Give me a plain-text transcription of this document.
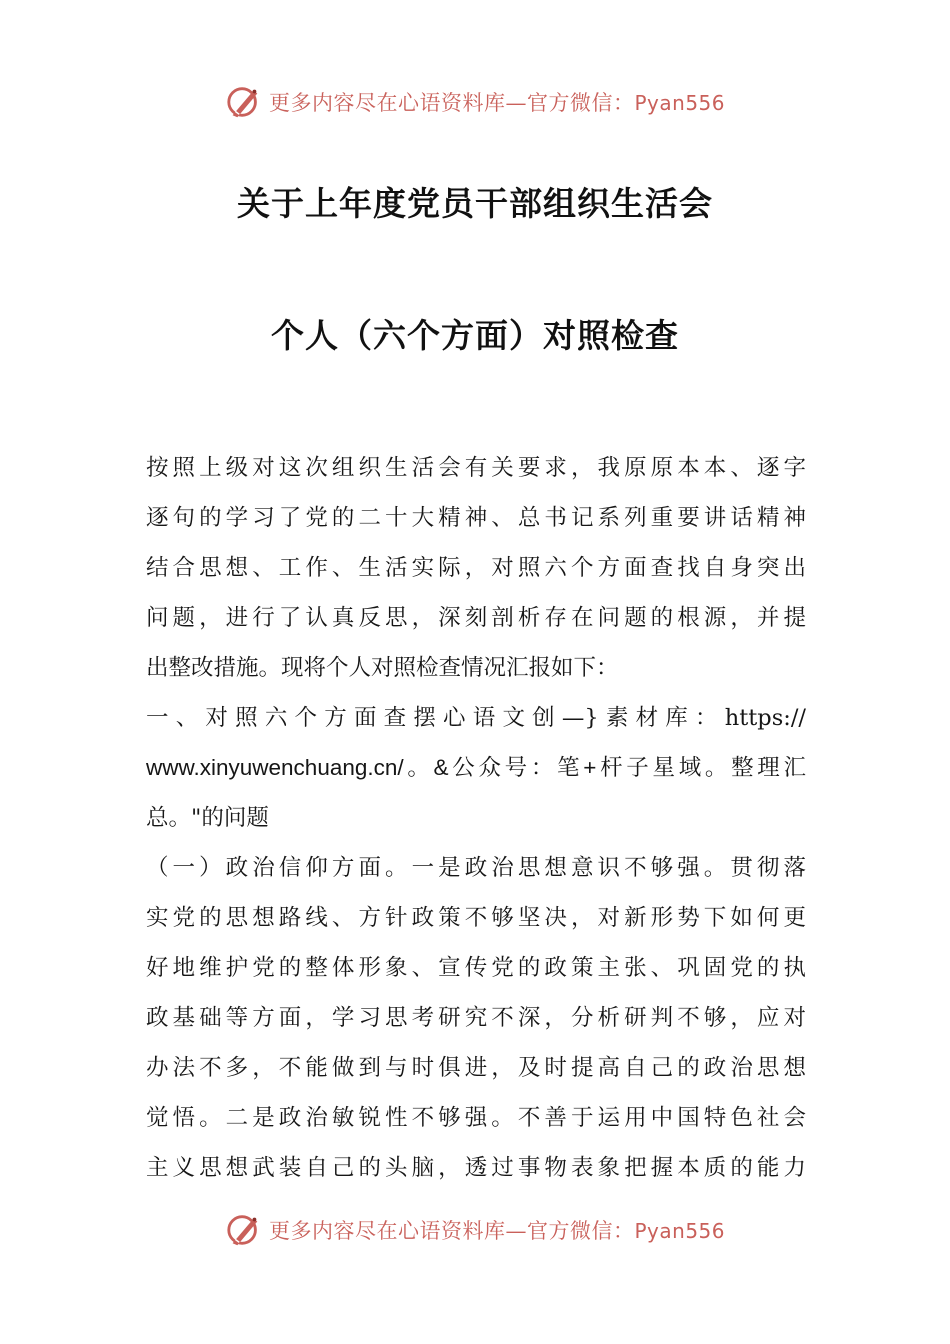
更多内容尽在心语资料库—官方微信：Pyan556
关于上年度党员干部组织生活会
个人（六个方面）对照检查
按照上级对这次组织生活会有关要求，我原原本本、逐字
逐句的学习了党的二十大精神、总书记系列重要讲话精神
结合思想、工作、生活实际，对照六个方面查找自身突出
问题，进行了认真反思，深刻剖析存在问题的根源，并提
出整改措施。现将个人对照检查情况汇报如下：
一、对照六个方面查摆心语文创—}素材库：https://
www.xinyuwenchuang.cn/。&公众号：笔+杆子星域。整理汇
总。"的问题
（一）政治信仰方面。一是政治思想意识不够强。贯彻落
实党的思想路线、方针政策不够坚决，对新形势下如何更
好地维护党的整体形象、宣传党的政策主张、巩固党的执
政基础等方面，学习思考研究不深，分析研判不够，应对
办法不多，不能做到与时俱进，及时提高自己的政治思想
觉悟。二是政治敏锐性不够强。不善于运用中国特色社会
主义思想武装自己的头脑，透过事物表象把握本质的能力
更多内容尽在心语资料库—官方微信：Pyan556
